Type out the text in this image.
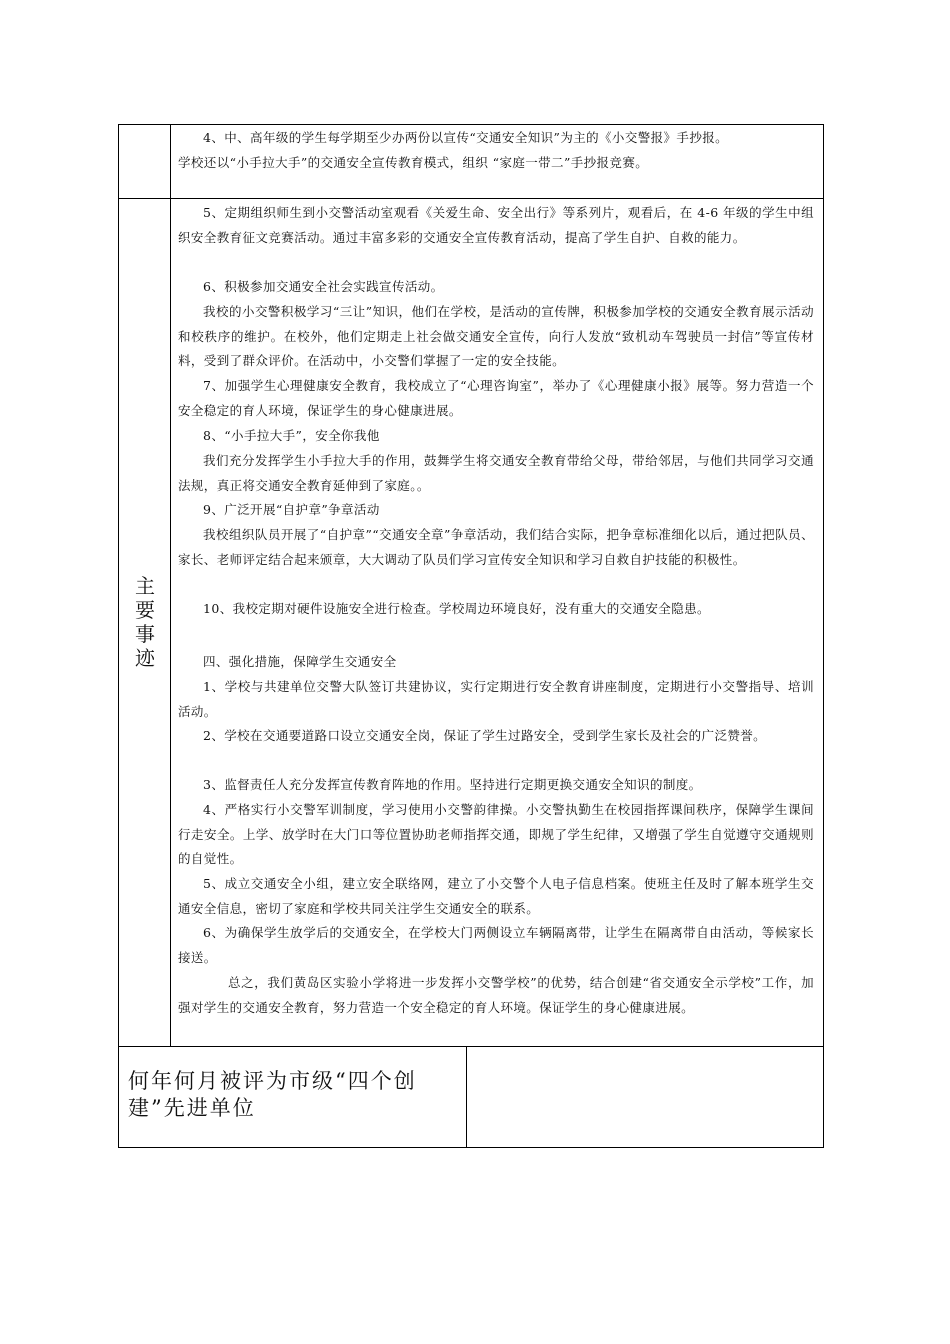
4、中、高年级的学生每学期至少办两份以宣传“交通安全知识”为主的《小交警报》手抄报。

学校还以“小手拉大手”的交通安全宣传教育模式，组织 “家庭一带二”手抄报竞赛。

主
要
事
迹

5、定期组织师生到小交警活动室观看《关爱生命、安全出行》等系列片，观看后，在 4-6 年级的学生中组织安全教育征文竞赛活动。通过丰富多彩的交通安全宣传教育活动，提高了学生自护、自救的能力。

6、积极参加交通安全社会实践宣传活动。

我校的小交警积极学习“三让”知识，他们在学校，是活动的宣传牌，积极参加学校的交通安全教育展示活动和校秩序的维护。在校外，他们定期走上社会做交通安全宣传，向行人发放“致机动车驾驶员一封信”等宣传材料，受到了群众评价。在活动中，小交警们掌握了一定的安全技能。

7、加强学生心理健康安全教育，我校成立了“心理咨询室”，举办了《心理健康小报》展等。努力营造一个安全稳定的育人环境，保证学生的身心健康进展。

8、“小手拉大手”，安全你我他

我们充分发挥学生小手拉大手的作用，鼓舞学生将交通安全教育带给父母，带给邻居，与他们共同学习交通法规，真正将交通安全教育延伸到了家庭。。

9、广泛开展“自护章”争章活动

我校组织队员开展了“自护章”“交通安全章”争章活动，我们结合实际，把争章标准细化以后，通过把队员、家长、老师评定结合起来颁章，大大调动了队员们学习宣传安全知识和学习自救自护技能的积极性。

10、我校定期对硬件设施安全进行检查。学校周边环境良好，没有重大的交通安全隐患。

四、强化措施，保障学生交通安全

1、学校与共建单位交警大队签订共建协议，实行定期进行安全教育讲座制度，定期进行小交警指导、培训活动。

2、学校在交通要道路口设立交通安全岗，保证了学生过路安全，受到学生家长及社会的广泛赞誉。

3、监督责任人充分发挥宣传教育阵地的作用。坚持进行定期更换交通安全知识的制度。

4、严格实行小交警军训制度，学习使用小交警韵律操。小交警执勤生在校园指挥课间秩序，保障学生课间行走安全。上学、放学时在大门口等位置协助老师指挥交通，即规了学生纪律，又增强了学生自觉遵守交通规则的自觉性。

5、成立交通安全小组，建立安全联络网，建立了小交警个人电子信息档案。使班主任及时了解本班学生交通安全信息，密切了家庭和学校共同关注学生交通安全的联系。

6、为确保学生放学后的交通安全，在学校大门两侧设立车辆隔离带，让学生在隔离带自由活动，等候家长接送。

总之，我们黄岛区实验小学将进一步发挥小交警学校”的优势，结合创建“省交通安全示学校”工作，加强对学生的交通安全教育，努力营造一个安全稳定的育人环境。保证学生的身心健康进展。

何年何月被评为市级“四个创建”先进单位
